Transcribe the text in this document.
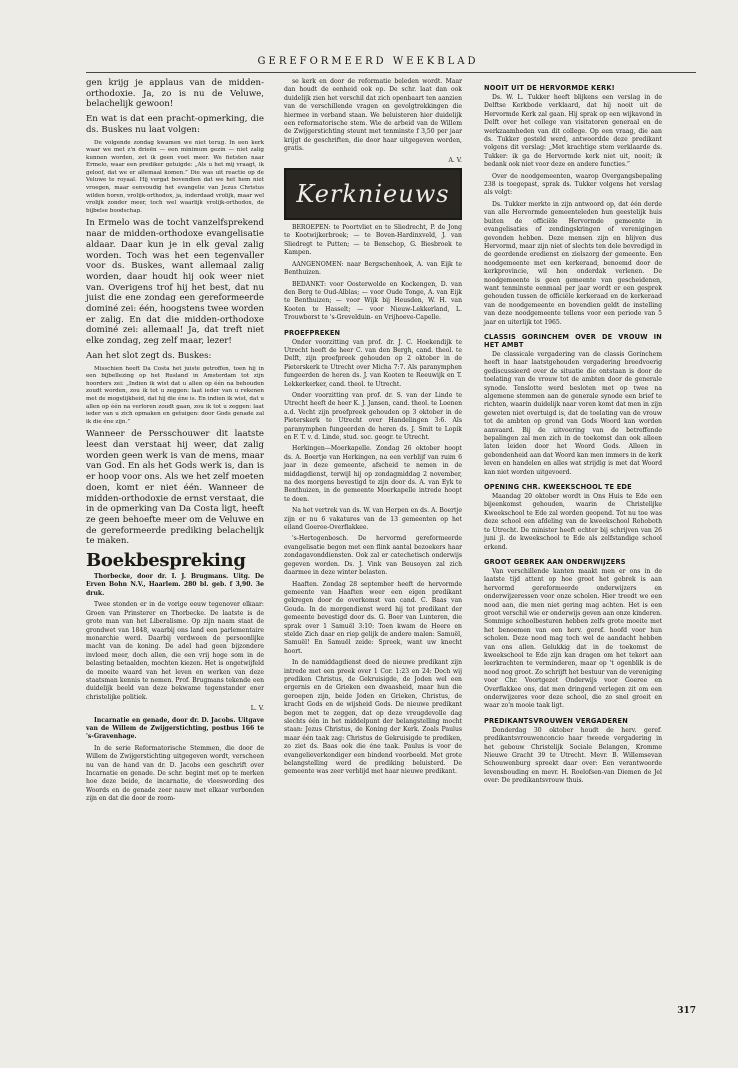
GEREFORMEERD WEEKBLAD

gen krijg je applaus van de midden-orthodoxie. Ja, zo is nu de Veluwe, belachelijk gewoon!

En wat is dat een pracht-opmerking, die ds. Buskes nu laat volgen:

De volgende zondag kwamen we niet terug. In een kerk waar we met z'n drieën — een minimum gezin — niet zalig kunnen worden, zet ik geen voet meer. We fietsten naar Ermelo, waar een prediker getuigde: „Als u het mij vraagt, ik geloof, dat we er allemaal komen.” Die was uit reactie op de Veluwe te royaal. Hij vergat bovendien dat we het hem niet vroegen, maar eenvoudig het evangelie van Jezus Christus wilden horen, vrolijk-orthodox, ja, inderdaad vrolijk, maar wel vrolijk zonder meer, toch wel waarlijk vrolijk-orthodox, de bijbelse boodschap.

In Ermelo was de tocht vanzelfsprekend naar de midden-orthodoxe evangelisatie aldaar. Daar kun je in elk geval zalig worden. Toch was het een tegenvaller voor ds. Buskes, want allemaal zalig worden, daar houdt hij ook weer niet van. Overigens trof hij het best, dat nu juist die ene zondag een gereformeerde dominé zei: één, hoogstens twee worden er zalig. En dat die midden-orthodoxe dominé zei: allemaal! Ja, dat treft niet elke zondag, zeg zelf maar, lezer!

Aan het slot zegt ds. Buskes:

Misschien heeft Da Costa het juiste getroffen, toen hij in een bijbellezing op het Rusland in Amsterdam tot zijn hoorders zei: „Indien ik wist dat u allen op één na behouden zoudt worden, zou ik tot u zeggen: laat ieder van u rekenen met de mogelijkheid, dat hij die éne is. En indien ik wist, dat u allen op één na verloren zoudt gaan, zou ik tot u zeggen: laat ieder van u zich opmaken en getuigen: door Gods genade zal ik die éne zijn.”

Wanneer de Persschouwer dit laatste leest dan verstaat hij weer, dat zalig worden geen werk is van de mens, maar van God. En als het Gods werk is, dan is er hoop voor ons. Als we het zelf moeten doen, komt er niet één. Wanneer de midden-orthodoxie de ernst verstaat, die in de opmerking van Da Costa ligt, heeft ze geen behoefte meer om de Veluwe en de gereformeerde prediking belachelijk te maken.

Boekbespreking

Thorbecke, door dr. I. J. Brugmans. Uitg. De Erven Bohn N.V., Haarlem. 280 bl. geb. f 3,90. 3e druk.

Twee stonden er in de vorige eeuw tegenover elkaar: Groen van Prinsterer en Thorbecke. De laatste is de grote man van het Liberalisme. Op zijn naam staat de grondwet van 1848, waarbij ons land een parlementaire monarchie werd. Daarbij verdween de persoonlijke macht van de koning. De adel had geen bijzondere invloed meer, doch allen, die een vrij hoge som in de belasting betaalden, mochten kiezen. Het is ongetwijfeld de moeite waard van het leven en werken van deze staatsman kennis te nemen. Prof. Brugmans tekende een duidelijk beeld van deze bekwame tegenstander ener christelijke politiek.

L. V.

Incarnatie en genade, door dr. D. Jacobs. Uitgave van de Willem de Zwijgerstichting, postbus 166 te 's-Gravenhage.

In de serie Reformatorische Stemmen, die door de Willem de Zwijgerstichting uitgegeven wordt, verscheen nu van de hand van dr. D. Jacobs een geschrift over Incarnatie en genade. De schr. begint met op te merken hoe deze beide, de incarnatie, de vleeswording des Woords en de genade zeer nauw met elkaar verbonden zijn en dat die door de room-

se kerk en door de reformatie beleden wordt. Maar dan houdt de eenheid ook op. De schr. laat dan ook duidelijk zien het verschil dat zich openbaart ten aanzien van de verschillende vragen en gevolgtrekkingen die hiermee in verband staan. We beluisteren hier duidelijk een reformatorische stem. Wie de arbeid van de Willem de Zwijgerstichting steunt met tenminste f 3,50 per jaar krijgt de geschriften, die door haar uitgegeven worden, gratis.

A. V.

Kerknieuws

BEROEPEN: te Poortvliet en te Sliedrecht, P. de Jong te Kootwijkerbroek; — te Boven-Hardinxveld, J. van Sliedregt te Putten; — te Benschop, G. Biesbroek te Kampen.

AANGENOMEN: naar Bergschenhoek, A. van Eijk te Benthuizen.

BEDANKT: voor Oosterwolde en Kockengen, D. van den Berg te Oud-Alblas; — voor Oude Tonge, A. van Eijk te Benthuizen; — voor Wijk bij Heusden, W. H. van Kooten te Hasselt; — voor Nieuw-Lekkerland, L. Trouwborst te 's-Grevelduin- en Vrijhoeve-Capelle.

PROEFPREKEN

Onder voorzitting van prof. dr. J. C. Hoekendijk te Utrecht heeft de heer C. van den Bergh, cand. theol. te Delft, zijn proefpreek gehouden op 2 oktober in de Pieterskerk te Utrecht over Micha 7:7. Als paranymphen fungeerden de heren ds. J. van Kooten te Reeuwijk en T. Lekkerkerker, cand. theol. te Utrecht.

Onder voorzitting van prof. dr. S. van der Linde te Utrecht heeft de heer K. J. Jansen, cand. theol. te Loenen a.d. Vecht zijn proefpreek gehouden op 3 oktober in de Pieterskerk te Utrecht over Handelingen 3:6. Als paranymphen fungeerden de heren ds. J. Smit te Lopik en F. T. v. d. Linde, stud. soc. geogr. te Utrecht.

Herkingen—Moerkapelle. Zondag 26 oktober hoopt ds. A. Boertje van Herkingen, na een verblijf van ruim 6 jaar in deze gemeente, afscheid te nemen in de middagdienst, terwijl hij op zondagmiddag 2 november, na des morgens bevestigd te zijn door ds. A. van Eyk te Benthuizen, in de gemeente Moerkapelle intrede hoopt te doen.

Na het vertrek van ds. W. van Herpen en ds. A. Boertje zijn er nu 6 vakatures van de 13 gemeenten op het eiland Goeree-Overflakkee.

's-Hertogenbosch. De hervormd gereformeerde evangelisatie begon met een flink aantal bezoekers haar zondagavonddiensten. Ook zal er catechetisch onderwijs gegeven worden. Ds. J. Vink van Beusoyen zal zich daarmee in deze winter belasten.

Haaften. Zondag 28 september heeft de hervormde gemeente van Haaften weer een eigen predikant gekregen door de overkomst van cand. C. Baas van Gouda. In de morgendienst werd hij tot predikant der gemeente bevestigd door ds. G. Boer van Lunteren, die sprak over 1 Samuël 3:10: Toen kwam de Heere en stelde Zich daar en riep gelijk de andere malen: Samuël, Samuël! En Samuël zeide: Spreek, want uw knecht hoort.

In de namiddagdienst deed de nieuwe predikant zijn intrede met een preek over 1 Cor. 1:23 en 24: Doch wij prediken Christus, de Gekruisigde, de Joden wel een ergernis en de Grieken een dwaasheid, maar hun die geroepen zijn, beide Joden en Grieken, Christus, de kracht Gods en de wijsheid Gods. De nieuwe predikant begon met te zeggen, dat op deze vreugdevolle dag slechts één in het middelpunt der belangstelling mocht staan: Jezus Christus, de Koning der Kerk. Zoals Paulus maar één taak zag: Christus de Gekruisigde te prediken, zo ziet ds. Baas ook die éne taak. Paulus is voor de evangelieverkondiger een bindend voorbeeld. Met grote belangstelling werd de prediking beluisterd. De gemeente was zeer verblijd met haar nieuwe predikant.

NOOIT UIT DE HERVORMDE KERK!

Ds. W. L. Tukker heeft blijkens een verslag in de Delftse Kerkbode verklaard, dat hij nooit uit de Hervormde Kerk zal gaan. Hij sprak op een wijkavond in Delft over het college van visitatoren generaal en de werkzaamheden van dit college. Op een vraag, die aan ds. Tukker gesteld werd, antwoordde deze predikant volgens dit verslag: „Met krachtige stem verklaarde ds. Tukker: ik ga de Hervormde kerk niet uit, nooit; ik bedank ook niet voor deze en andere functies.”

Over de noodgemeenten, waarop Overgangsbepaling 238 is toegepast, sprak ds. Tukker volgens het verslag als volgt:

Ds. Tukker merkte in zijn antwoord op, dat één derde van alle Hervormde gemeenteleden hun geestelijk huis buiten de officiële Hervormde gemeente in evangelisaties of zendingskringen of verenigingen gevonden hebben. Deze mensen zijn en blijven dus Hervormd, maar zijn niet of slechts ten dele bevredigd in de geordende eredienst en zielszorg der gemeente. Een noodgemeente met een kerkeraad, benoemd door de kerkprovincie, wil hen onderdak verlenen. De noodgemeente is geen gemeente van gescheidenen, want tenminste eenmaal per jaar wordt er een gesprek gehouden tussen de officiële kerkeraad en de kerkeraad van de noodgemeente en bovendien geldt de instelling van deze noodgemeente tellens voor een periode van 5 jaar en uiterlijk tot 1965.

CLASSIS GORINCHEM OVER DE VROUW IN HET AMBT

De classicale vergadering van de classis Gorinchem heeft in haar laatstgehouden vergadering breedvoerig gediscussieerd over de situatie die ontstaan is door de toelating van de vrouw tot de ambten door de generale synode. Tenslotte werd besloten met op twee na algemene stemmen aan de generale synode een brief te richten, waarin duidelijk naar voren komt dat men in zijn geweten niet overtuigd is, dat de toelating van de vrouw tot de ambten op grond van Gods Woord kan worden aanvaard. Bij de uitvoering van de betreffende bepalingen zal men zich in de toekomst dan ook alleen laten leiden door het Woord Gods. Alleen in gebondenheid aan dat Woord kan men immers in de kerk leven en handelen en alles wat strijdig is met dat Woord kan niet worden uitgevoerd.

OPENING CHR. KWEEKSCHOOL TE EDE

Maandag 20 oktober wordt in Ons Huis te Ede een bijeenkomst gehouden, waarin de Christelijke Kweekschool te Ede zal worden geopend. Tot nu toe was deze school een afdeling van de kweekschool Rehoboth te Utrecht. De minister heeft echter bij schrijven van 26 juni jl. de kweekschool te Ede als zelfstandige school erkend.

GROOT GEBREK AAN ONDERWIJZERS

Van verschillende kanten maakt men er ons in de laatste tijd attent op hoe groot het gebrek is aan hervormd gereformeerde onderwijzers en onderwijzeressen voor onze scholen. Hier treedt we een nood aan, die men niet gering mag achten. Het is een groot verschil wie er onderwijs geven aan onze kinderen. Sommige schoolbesturen hebben zelfs grote moeite met het benoemen van een herv. geref. hoofd voor hun scholen. Deze nood mag toch wel de aandacht hebben van ons allen. Gelukkig dat in de toekomst de kweekschool te Ede zijn kan dragen om het tekort aan leerkrachten te verminderen, maar op 't ogenblik is de nood nog groot. Zo schrijft het bestuur van de vereniging voor Chr. Voortgezet Onderwijs voor Goeree en Overflakkee ons, dat men dringend verlegen zit om een onderwijzeres voor deze school, die zo snel groeit en waar zo'n mooie taak ligt.

PREDIKANTSVROUWEN VERGADEREN

Donderdag 30 oktober houdt de herv. geref. predikantsvrouwenconcio haar tweede vergadering in het gebouw Christelijk Sociale Belangen, Kromme Nieuwe Gracht 39 te Utrecht. Mevr. B. Willemsevan Schouwenburg spreekt daar over: Een verantwoorde levensbouding en mevr. H. Roelofsen-van Diemen de Jel over: De predikantsvrouw thuis.

317
